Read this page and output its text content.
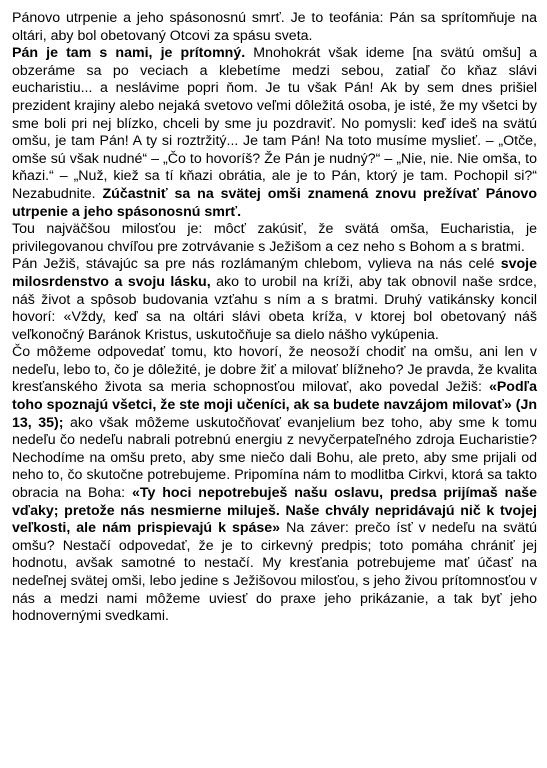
Pánovo utrpenie a jeho spásonosnú smrť. Je to teofánia: Pán sa sprítomňuje na oltári, aby bol obetovaný Otcovi za spásu sveta.

Pán je tam s nami, je prítomný. Mnohokrát však ideme [na svätú omšu] a obzeráme sa po veciach a klebetíme medzi sebou, zatiaľ čo kňaz slávi eucharistiu... a neslávime popri ňom. Je tu však Pán! Ak by sem dnes prišiel prezident krajiny alebo nejaká svetovo veľmi dôležitá osoba, je isté, že my všetci by sme boli pri nej blízko, chceli by sme ju pozdraviť. No pomysli: keď ideš na svätú omšu, je tam Pán! A ty si roztržitý... Je tam Pán! Na toto musíme myslieť. – „Otče, omše sú však nudné“ – „Čo to hovoríš? Že Pán je nudný?“ – „Nie, nie. Nie omša, to kňazi.“ – „Nuž, kiež sa tí kňazi obrátia, ale je to Pán, ktorý je tam. Pochopil si?“ Nezabudnite. Zúčastniť sa na svätej omši znamená znovu prežívať Pánovo utrpenie a jeho spásonosnú smrť.

Tou najväčšou milosťou je: môcť zakúsiť, že svätá omša, Eucharistia, je privilegovanou chvíľou pre zotrvávanie s Ježišom a cez neho s Bohom a s bratmi.

Pán Ježiš, stávajúc sa pre nás rozlámaným chlebom, vylieva na nás celé svoje milosrdenstvo a svoju lásku, ako to urobil na kríži, aby tak obnovil naše srdce, náš život a spôsob budovania vzťahu s ním a s bratmi. Druhý vatikánsky koncil hovorí: «Vždy, keď sa na oltári slávi obeta kríža, v ktorej bol obetovaný náš veľkonočný Baránok Kristus, uskutočňuje sa dielo nášho vykúpenia.

Čo môžeme odpovedať tomu, kto hovorí, že neosoží chodiť na omšu, ani len v nedeľu, lebo to, čo je dôležité, je dobre žiť a milovať blížneho? Je pravda, že kvalita kresťanského života sa meria schopnosťou milovať, ako povedal Ježiš: «Podľa toho spoznajú všetci, že ste moji učeníci, ak sa budete navzájom milovať» (Jn 13, 35); ako však môžeme uskutočňovať evanjelium bez toho, aby sme k tomu nedeľu čo nedeľu nabrali potrebnú energiu z nevyčerpateľného zdroja Eucharistie? Nechodíme na omšu preto, aby sme niečo dali Bohu, ale preto, aby sme prijali od neho to, čo skutočne potrebujeme. Pripomína nám to modlitba Cirkvi, ktorá sa takto obracia na Boha: «Ty hoci nepotrebuješ našu oslavu, predsa prijímaš naše vďaky; pretože nás nesmierne miluješ. Naše chvály nepridávajú nič k tvojej veľkosti, ale nám prispievajú k spáse» Na záver: prečo ísť v nedeľu na svätú omšu? Nestačí odpovedať, že je to cirkevný predpis; toto pomáha chrániť jej hodnotu, avšak samotné to nestačí. My kresťania potrebujeme mať účasť na nedeľnej svätej omši, lebo jedine s Ježišovou milosťou, s jeho živou prítomnosťou v nás a medzi nami môžeme uviesť do praxe jeho prikázanie, a tak byť jeho hodnovernými svedkami.
